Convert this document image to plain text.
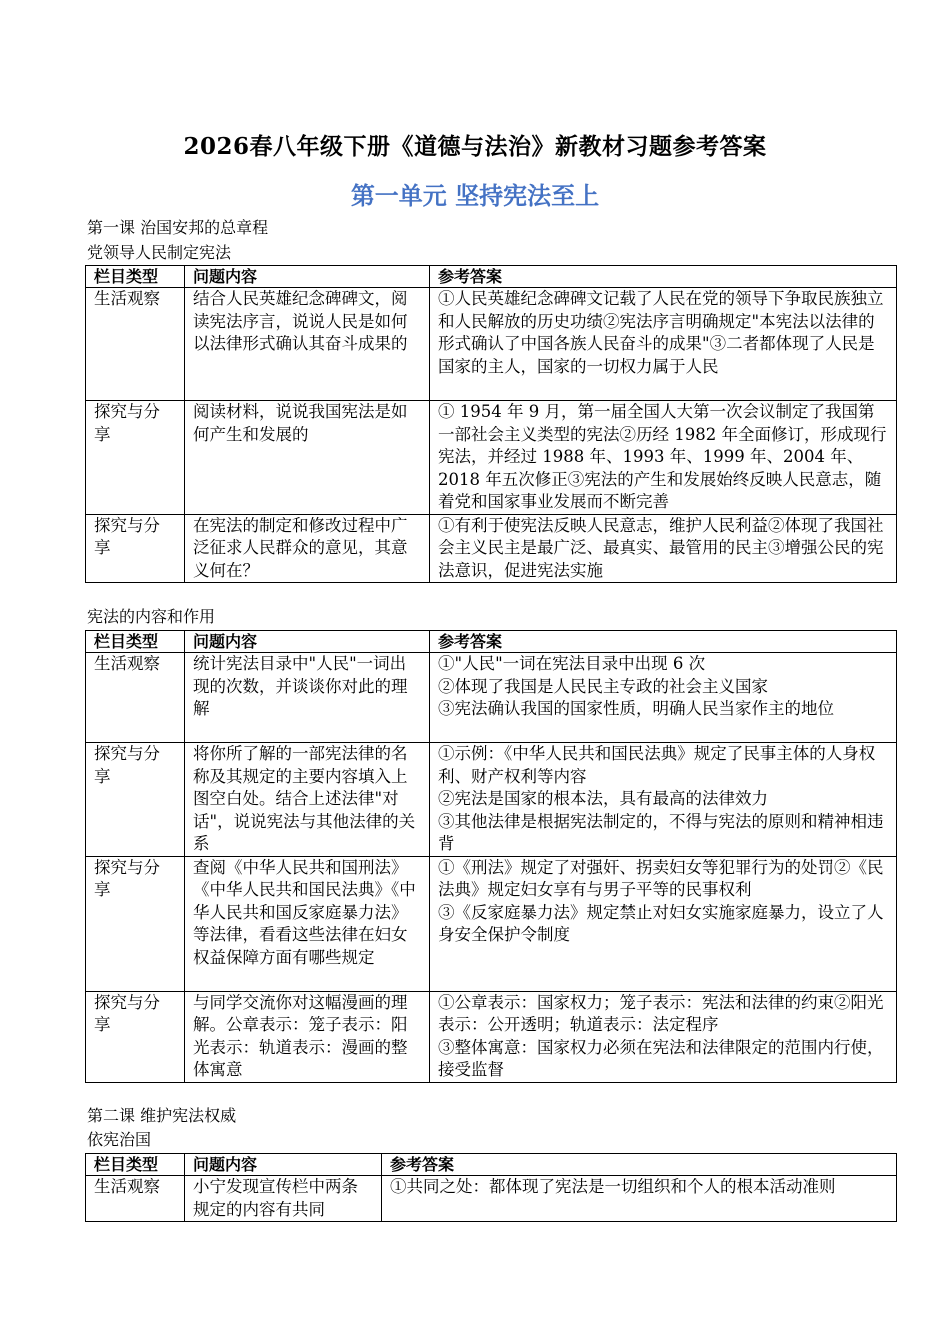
2026春八年级下册《道德与法治》新教材习题参考答案
第一单元 坚持宪法至上
第一课 治国安邦的总章程
党领导人民制定宪法
栏目类型	问题内容	参考答案
生活观察	结合人民英雄纪念碑碑文，阅读宪法序言，说说人民是如何以法律形式确认其奋斗成果的	①人民英雄纪念碑碑文记载了人民在党的领导下争取民族独立和人民解放的历史功绩②宪法序言明确规定"本宪法以法律的形式确认了中国各族人民奋斗的成果"③二者都体现了人民是国家的主人，国家的一切权力属于人民
探究与分享	阅读材料，说说我国宪法是如何产生和发展的	① 1954 年 9 月，第一届全国人大第一次会议制定了我国第一部社会主义类型的宪法②历经 1982 年全面修订，形成现行宪法，并经过 1988 年、1993 年、1999 年、2004 年、2018 年五次修正③宪法的产生和发展始终反映人民意志，随着党和国家事业发展而不断完善
探究与分享	在宪法的制定和修改过程中广泛征求人民群众的意见，其意义何在？	①有利于使宪法反映人民意志，维护人民利益②体现了我国社会主义民主是最广泛、最真实、最管用的民主③增强公民的宪法意识，促进宪法实施
宪法的内容和作用
栏目类型	问题内容	参考答案
生活观察	统计宪法目录中"人民"一词出现的次数，并谈谈你对此的理解	①"人民"一词在宪法目录中出现 6 次

②体现了我国是人民民主专政的社会主义国家

③宪法确认我国的国家性质，明确人民当家作主的地位

探究与分享	将你所了解的一部宪法律的名称及其规定的主要内容填入上图空白处。结合上述法律"对话"，说说宪法与其他法律的关系	①示例：《中华人民共和国民法典》规定了民事主体的人身权利、财产权利等内容

②宪法是国家的根本法，具有最高的法律效力

③其他法律是根据宪法制定的，不得与宪法的原则和精神相违背

探究与分享	查阅《中华人民共和国刑法》《中华人民共和国民法典》《中华人民共和国反家庭暴力法》等法律，看看这些法律在妇女权益保障方面有哪些规定	①《刑法》规定了对强奸、拐卖妇女等犯罪行为的处罚②《民法典》规定妇女享有与男子平等的民事权利

③《反家庭暴力法》规定禁止对妇女实施家庭暴力，设立了人身安全保护令制度

探究与分享	与同学交流你对这幅漫画的理解。公章表示：笼子表示：阳光表示：轨道表示：漫画的整体寓意	①公章表示：国家权力；笼子表示：宪法和法律的约束②阳光表示：公开透明；轨道表示：法定程序

③整体寓意：国家权力必须在宪法和法律限定的范围内行使，接受监督

第二课 维护宪法权威
依宪治国
栏目类型	问题内容	参考答案
生活观察	小宁发现宣传栏中两条规定的内容有共同	①共同之处：都体现了宪法是一切组织和个人的根本活动准则
